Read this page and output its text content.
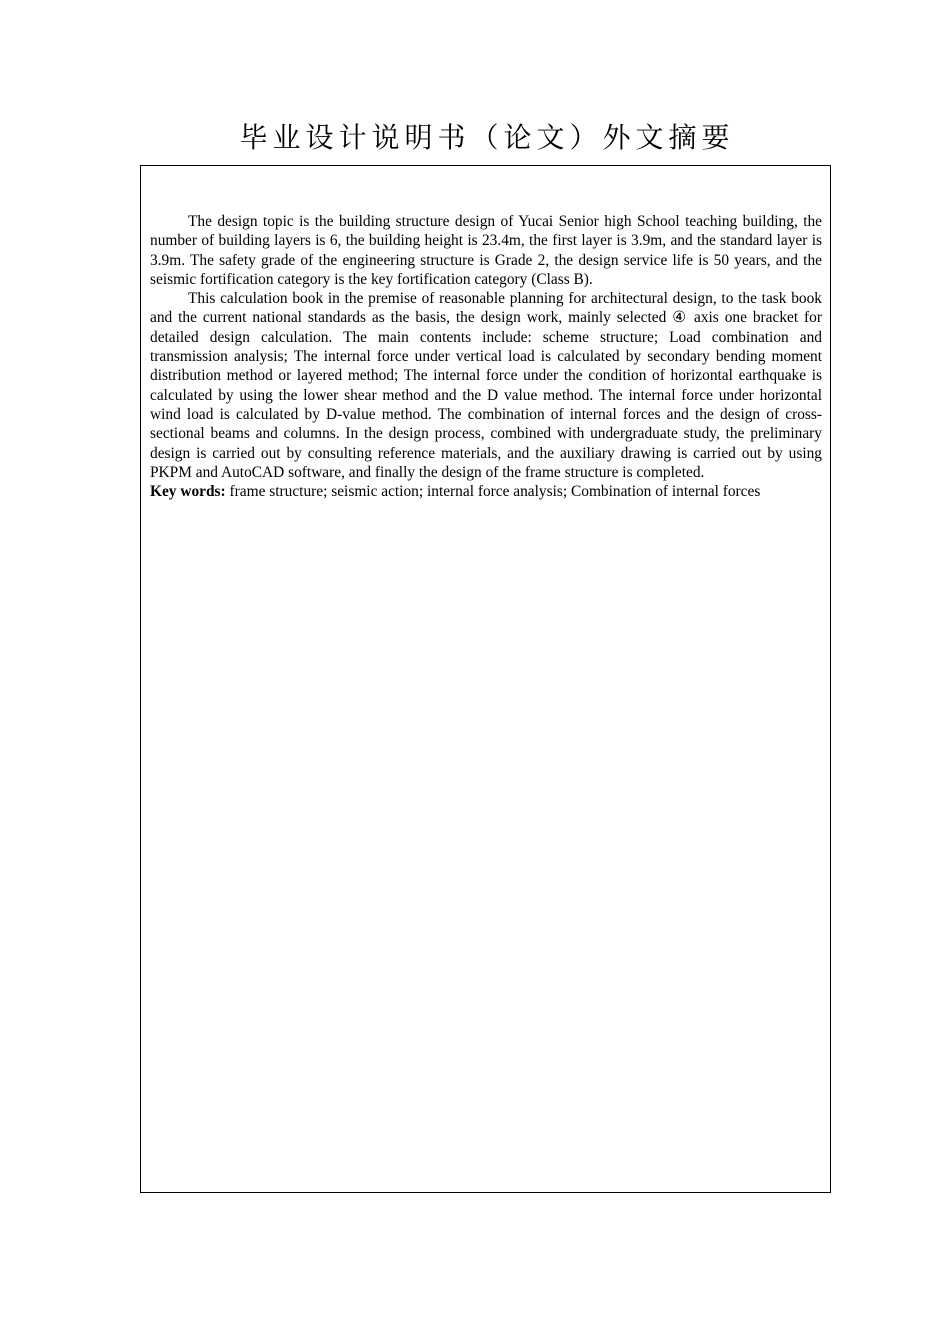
毕业设计说明书（论文）外文摘要

The design topic is the building structure design of Yucai Senior high School teaching building, the number of building layers is 6, the building height is 23.4m, the first layer is 3.9m, and the standard layer is 3.9m. The safety grade of the engineering structure is Grade 2, the design service life is 50 years, and the seismic fortification category is the key fortification category (Class B).

This calculation book in the premise of reasonable planning for architectural design, to the task book and the current national standards as the basis, the design work, mainly selected ④ axis one bracket for detailed design calculation. The main contents include: scheme structure; Load combination and transmission analysis; The internal force under vertical load is calculated by secondary bending moment distribution method or layered method; The internal force under the condition of horizontal earthquake is calculated by using the lower shear method and the D value method. The internal force under horizontal wind load is calculated by D-value method. The combination of internal forces and the design of cross-sectional beams and columns. In the design process, combined with undergraduate study, the preliminary design is carried out by consulting reference materials, and the auxiliary drawing is carried out by using PKPM and AutoCAD software, and finally the design of the frame structure is completed.

Key words: frame structure; seismic action; internal force analysis; Combination of internal forces
